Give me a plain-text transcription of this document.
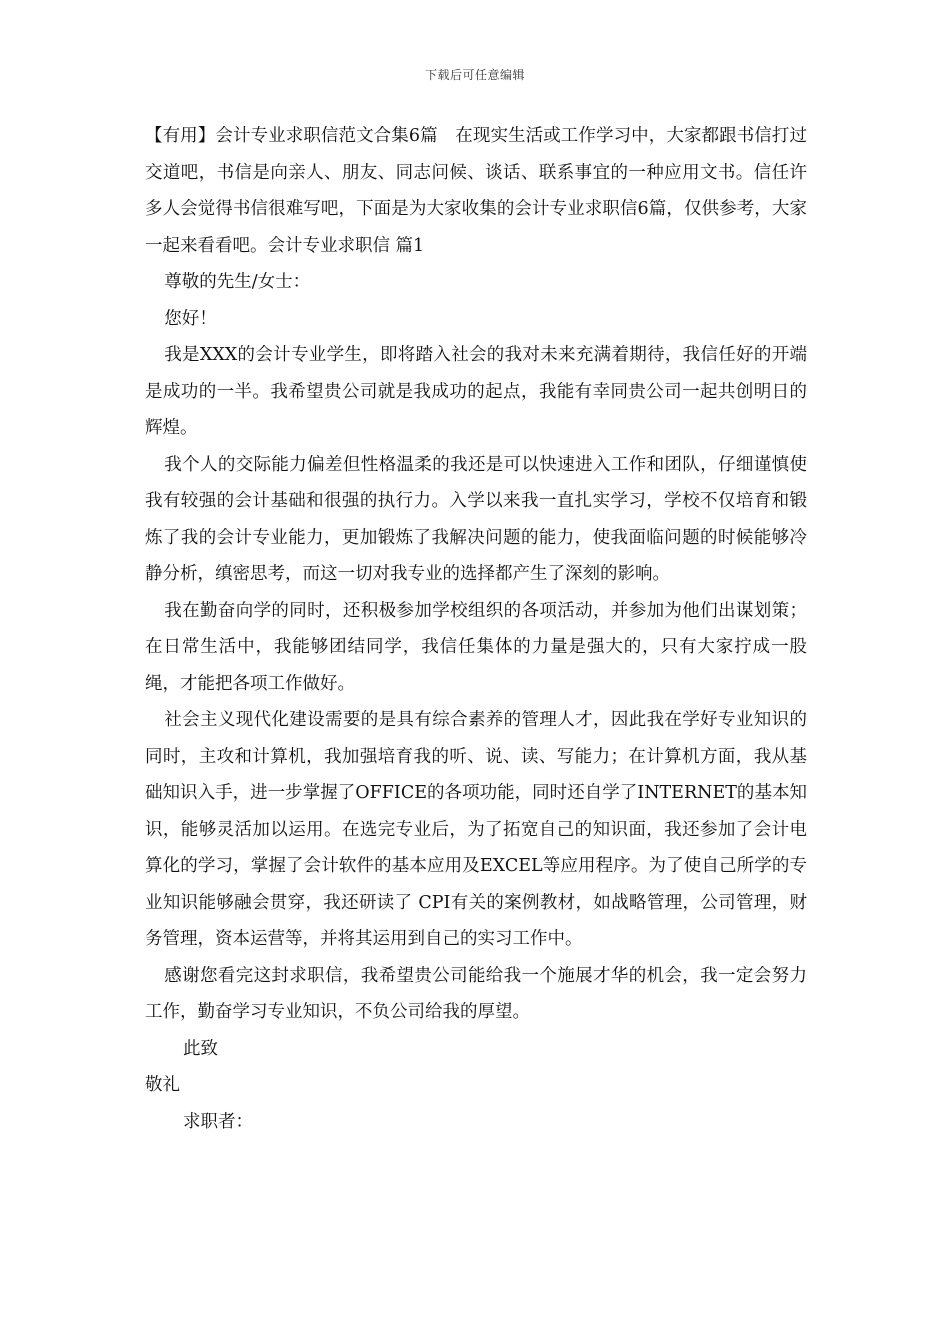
下载后可任意编辑

【有用】会计专业求职信范文合集6篇　在现实生活或工作学习中，大家都跟书信打过交道吧，书信是向亲人、朋友、同志问候、谈话、联系事宜的一种应用文书。信任许多人会觉得书信很难写吧，下面是为大家收集的会计专业求职信6篇，仅供参考，大家一起来看看吧。会计专业求职信 篇1

尊敬的先生/女士：

您好！

我是XXX的会计专业学生，即将踏入社会的我对未来充满着期待，我信任好的开端是成功的一半。我希望贵公司就是我成功的起点，我能有幸同贵公司一起共创明日的辉煌。

我个人的交际能力偏差但性格温柔的我还是可以快速进入工作和团队，仔细谨慎使我有较强的会计基础和很强的执行力。入学以来我一直扎实学习，学校不仅培育和锻炼了我的会计专业能力，更加锻炼了我解决问题的能力，使我面临问题的时候能够冷静分析，缜密思考，而这一切对我专业的选择都产生了深刻的影响。

我在勤奋向学的同时，还积极参加学校组织的各项活动，并参加为他们出谋划策；在日常生活中，我能够团结同学，我信任集体的力量是强大的，只有大家拧成一股绳，才能把各项工作做好。

社会主义现代化建设需要的是具有综合素养的管理人才，因此我在学好专业知识的同时，主攻和计算机，我加强培育我的听、说、读、写能力；在计算机方面，我从基础知识入手，进一步掌握了OFFICE的各项功能，同时还自学了INTERNET的基本知识，能够灵活加以运用。在选完专业后，为了拓宽自己的知识面，我还参加了会计电算化的学习，掌握了会计软件的基本应用及EXCEL等应用程序。为了使自己所学的专业知识能够融会贯穿，我还研读了 CPI有关的案例教材，如战略管理，公司管理，财务管理，资本运营等，并将其运用到自己的实习工作中。

感谢您看完这封求职信，我希望贵公司能给我一个施展才华的机会，我一定会努力工作，勤奋学习专业知识，不负公司给我的厚望。

此致

敬礼

求职者：
